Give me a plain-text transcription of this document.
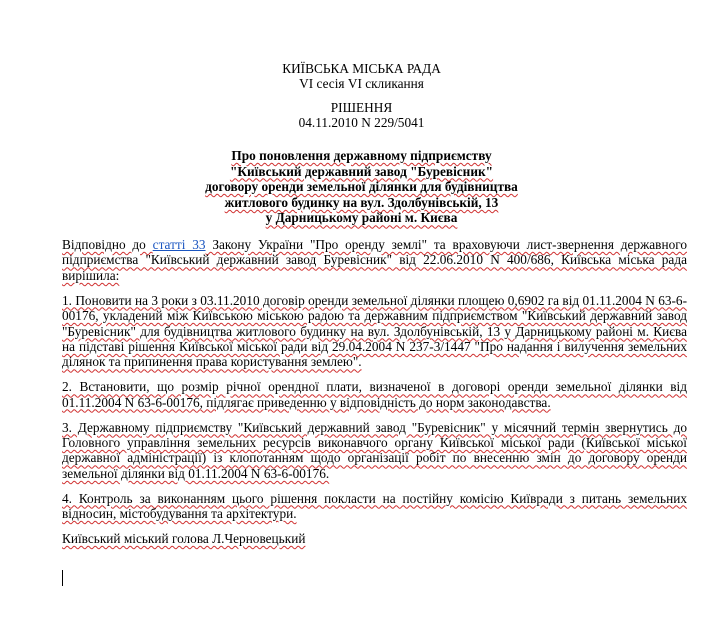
КИЇВСЬКА МІСЬКА РАДА
VI сесія VI скликання
РІШЕННЯ
04.11.2010 N 229/5041
Про поновлення державному підприємству
"Київський державний завод "Буревісник"
договору оренди земельної ділянки для будівництва
житлового будинку на вул. Здолбунівській, 13
у Дарницькому районі м. Києва

Відповідно до статті 33 Закону України "Про оренду землі" та враховуючи лист-звернення державного підприємства "Київський державний завод Буревісник" від 22.06.2010 N 400/686, Київська міська рада вирішила:

1. Поновити на 3 роки з 03.11.2010 договір оренди земельної ділянки площею 0,6902 га від 01.11.2004 N 63-6-00176, укладений між Київською міською радою та державним підприємством "Київський державний завод "Буревісник" для будівництва житлового будинку на вул. Здолбунівській, 13 у Дарницькому районі м. Києва на підставі рішення Київської міської ради від 29.04.2004 N 237-3/1447 "Про надання і вилучення земельних ділянок та припинення права користування землею".

2. Встановити, що розмір річної орендної плати, визначеної в договорі оренди земельної ділянки від 01.11.2004 N 63-6-00176, підлягає приведенню у відповідність до норм законодавства.

3. Державному підприємству "Київський державний завод "Буревісник" у місячний термін звернутись до Головного управління земельних ресурсів виконавчого органу Київської міської ради (Київської міської державної адміністрації) із клопотанням щодо організації робіт по внесенню змін до договору оренди земельної ділянки від 01.11.2004 N 63-6-00176.

4. Контроль за виконанням цього рішення покласти на постійну комісію Київради з питань земельних відносин, містобудування та архітектури.

Київський міський голова Л.Черновецький
